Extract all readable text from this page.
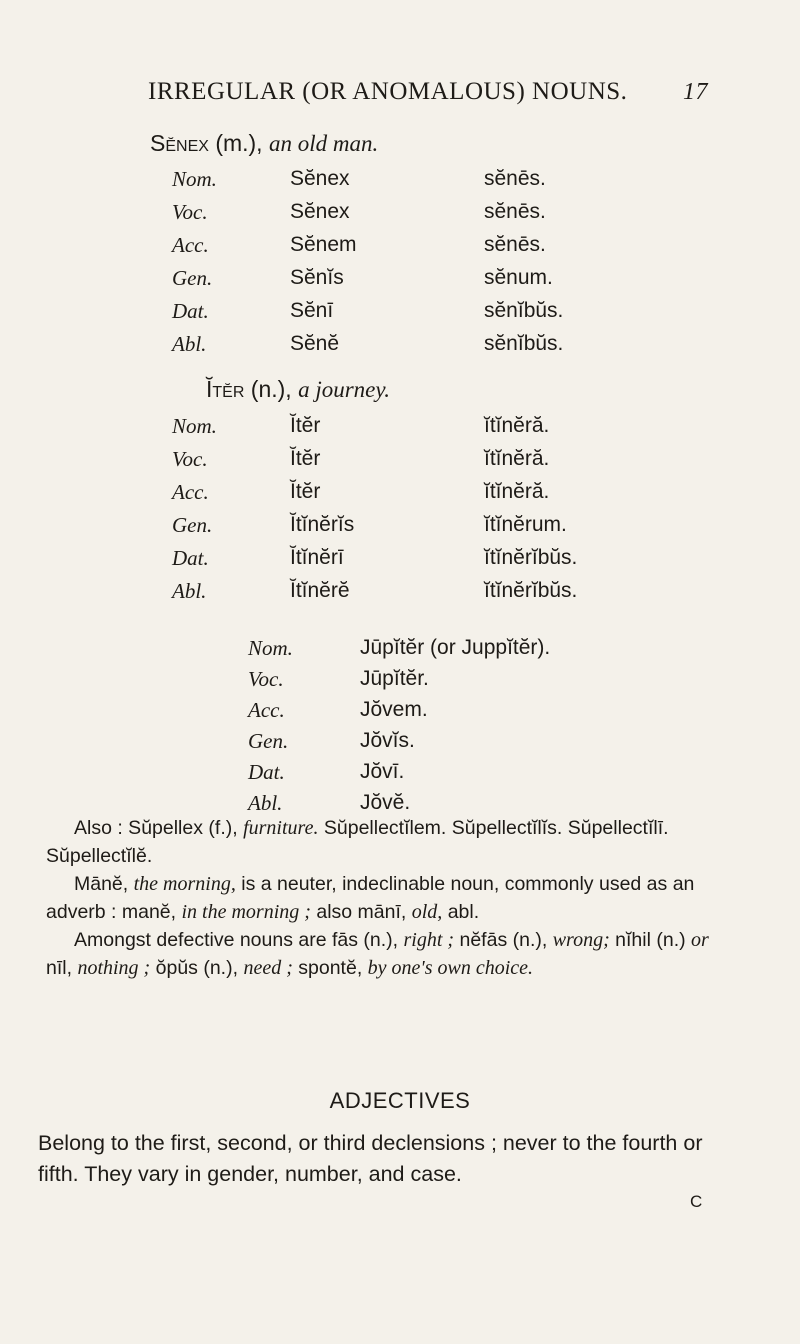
IRREGULAR (OR ANOMALOUS) NOUNS. 17
Sĕnex (m.), an old man.
Nom.	Sĕnex	sĕnēs.
Voc.	Sĕnex	sĕnēs.
Acc.	Sĕnem	sĕnēs.
Gen.	Sĕnĭs	sĕnum.
Dat.	Sĕnī	sĕnĭbŭs.
Abl.	Sĕnĕ	sĕnĭbŭs.
Ĭtĕr (n.), a journey.
Nom.	Ĭtĕr	ĭtĭnĕră.
Voc.	Ĭtĕr	ĭtĭnĕră.
Acc.	Ĭtĕr	ĭtĭnĕră.
Gen.	Ĭtĭnĕrĭs	ĭtĭnĕrum.
Dat.	Ĭtĭnĕrī	ĭtĭnĕrĭbŭs.
Abl.	Ĭtĭnĕrĕ	ĭtĭnĕrĭbŭs.
Nom.	Jūpĭtĕr (or Juppĭtĕr).
Voc.	Jūpĭtĕr.
Acc.	Jŏvem.
Gen.	Jŏvĭs.
Dat.	Jŏvī.
Abl.	Jŏvĕ.

Also : Sŭpellex (f.), furniture. Sŭpellectĭlem. Sŭpellectĭlĭs. Sŭpellectĭlī. Sŭpellectĭlĕ.

Mānĕ, the morning, is a neuter, indeclinable noun, commonly used as an adverb : manĕ, in the morning ; also mānī, old, abl.

Amongst defective nouns are fās (n.), right ; nĕfās (n.), wrong; nĭhil (n.) or nīl, nothing ; ŏpŭs (n.), need ; spontĕ, by one's own choice.

ADJECTIVES
Belong to the first, second, or third declensions ; never to the fourth or fifth. They vary in gender, number, and case.
C
